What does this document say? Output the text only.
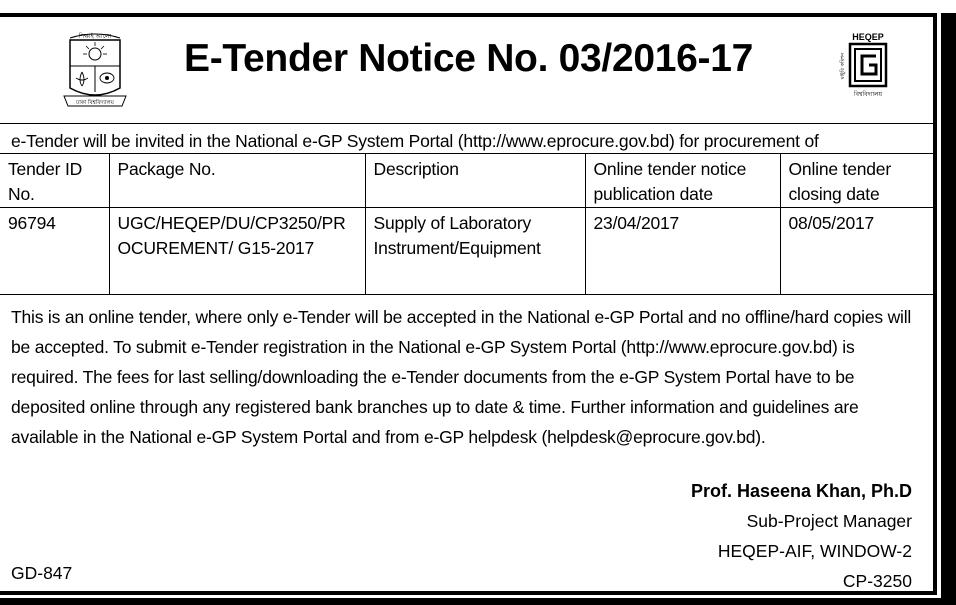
শিক্ষাই আলো
ঢাকা বিশ্ববিদ্যালয়
HEQEP
মঞ্জুরি কমিশন
বিশ্ববিদ্যালয়
E-Tender Notice No. 03/2016-17
e-Tender will be invited in the National e-GP System Portal (http://www.eprocure.gov.bd) for procurement of
Tender ID No.	Package No.	Description	Online tender notice publication date	Online tender closing date
96794	UGC/HEQEP/DU/CP3250/PROCUREMENT/ G15-2017	Supply of Laboratory Instrument/Equipment	23/04/2017	08/05/2017
This is an online tender, where only e-Tender will be accepted in the National e-GP Portal and no offline/hard copies will be accepted. To submit e-Tender registration in the National e-GP System Portal (http://www.eprocure.gov.bd) is required. The fees for last selling/downloading the e-Tender documents from the e-GP System Portal have to be deposited online through any registered bank branches up to date & time. Further information and guidelines are available in the National e-GP System Portal and from e-GP helpdesk (helpdesk@eprocure.gov.bd).
Prof. Haseena Khan, Ph.D
Sub-Project Manager
HEQEP-AIF, WINDOW-2
CP-3250
GD-847
